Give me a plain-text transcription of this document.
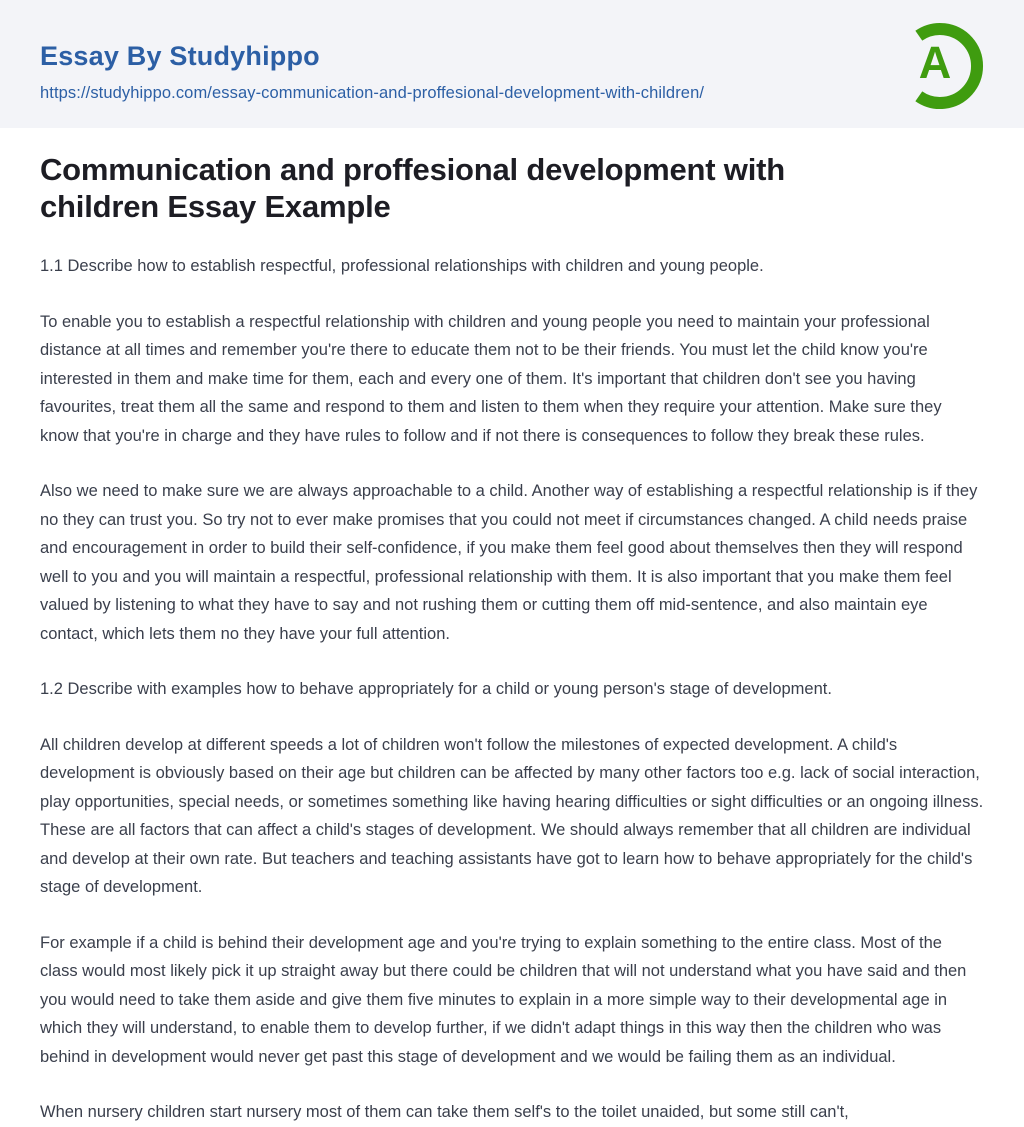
Essay By Studyhippo
https://studyhippo.com/essay-communication-and-proffesional-development-with-children/
A
Communication and proffesional development with children Essay Example

1.1 Describe how to establish respectful, professional relationships with children and young people.

To enable you to establish a respectful relationship with children and young people you need to maintain your professional distance at all times and remember you're there to educate them not to be their friends. You must let the child know you're interested in them and make time for them, each and every one of them. It's important that children don't see you having favourites, treat them all the same and respond to them and listen to them when they require your attention. Make sure they know that you're in charge and they have rules to follow and if not there is consequences to follow they break these rules.

Also we need to make sure we are always approachable to a child. Another way of establishing a respectful relationship is if they no they can trust you. So try not to ever make promises that you could not meet if circumstances changed. A child needs praise and encouragement in order to build their self-confidence, if you make them feel good about themselves then they will respond well to you and you will maintain a respectful, professional relationship with them. It is also important that you make them feel valued by listening to what they have to say and not rushing them or cutting them off mid-sentence, and also maintain eye contact, which lets them no they have your full attention.

1.2 Describe with examples how to behave appropriately for a child or young person's stage of development.

All children develop at different speeds a lot of children won't follow the milestones of expected development. A child's development is obviously based on their age but children can be affected by many other factors too e.g. lack of social interaction, play opportunities, special needs, or sometimes something like having hearing difficulties or sight difficulties or an ongoing illness. These are all factors that can affect a child's stages of development. We should always remember that all children are individual and develop at their own rate. But teachers and teaching assistants have got to learn how to behave appropriately for the child's stage of development.

For example if a child is behind their development age and you're trying to explain something to the entire class. Most of the class would most likely pick it up straight away but there could be children that will not understand what you have said and then you would need to take them aside and give them five minutes to explain in a more simple way to their developmental age in which they will understand, to enable them to develop further, if we didn't adapt things in this way then the children who was behind in development would never get past this stage of development and we would be failing them as an individual.

When nursery children start nursery most of them can take them self's to the toilet unaided, but some still can't,
